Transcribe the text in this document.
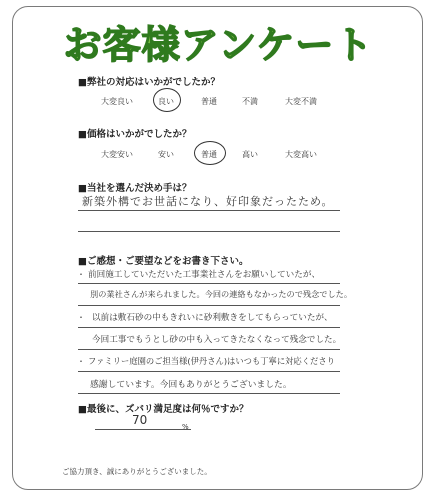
お客様アンケート
■弊社の対応はいかがでしたか？
大変良い	良い	普通	不満	大変不満
■価格はいかがでしたか？
大変安い	安い	普通	高い	大変高い
■当社を選んだ決め手は？
新築外構でお世話になり、好印象だったため。
■ご感想・ご要望などをお書き下さい。
・ 前回施工していただいた工事業社さんをお願いしていたが、
別の業社さんが来られました。今回の連絡もなかったので残念でした。
・ 以前は敷石砂の中もきれいに砂利敷きをしてもらっていたが、
今回工事でもうとし砂の中も入ってきたなくなって残念でした。
・ ファミリー庭園のご担当様(伊丹さん)はいつも丁寧に対応くださり
感謝しています。今回もありがとうございました。
■最後に、ズバリ満足度は何％ですか？
70	%
ご協力頂き、誠にありがとうございました。
